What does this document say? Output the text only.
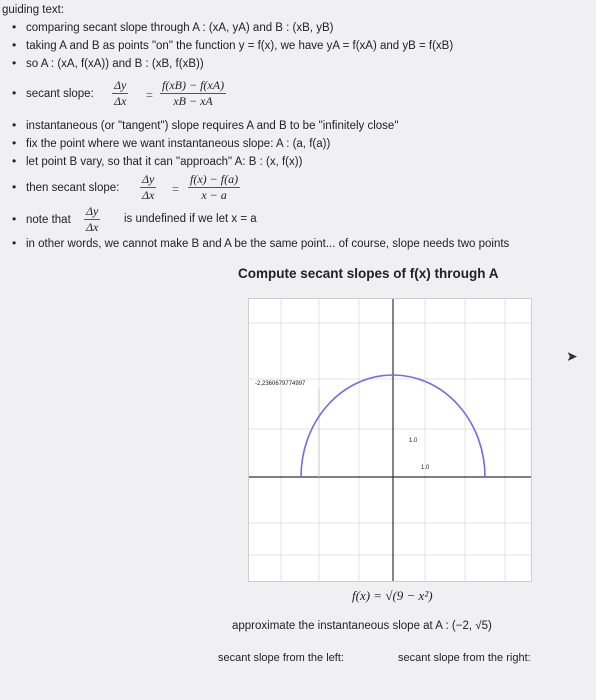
guiding text:
• comparing secant slope through A : (xA, yA) and B : (xB, yB)
• taking A and B as points "on" the function y = f(x), we have yA = f(xA) and yB = f(xB)
• so A : (xA, f(xA)) and B : (xB, f(xB))
• secant slope:
• instantaneous (or "tangent") slope requires A and B to be "infinitely close"
• fix the point where we want instantaneous slope: A : (a, f(a))
• let point B vary, so that it can "approach" A: B : (x, f(x))
• then secant slope:
• note that	is undefined if we let x = a
• in other words, we cannot make B and A be the same point... of course, slope needs two points
$\frac{\Delta y}{\Delta x} = \frac{f(xB) - f(xA)}{xB - xA}$
$\frac{\Delta y}{\Delta x} = \frac{f(x) - f(a)}{x - a}$
$\frac{\Delta y}{\Delta x}$
Compute secant slopes of f(x) through A
-2,2360679774997
1.0
1.0
➤
f(x) = √(9 − x²)
approximate the instantaneous slope at A : (−2, √5)
secant slope from the left:	secant slope from the right:
